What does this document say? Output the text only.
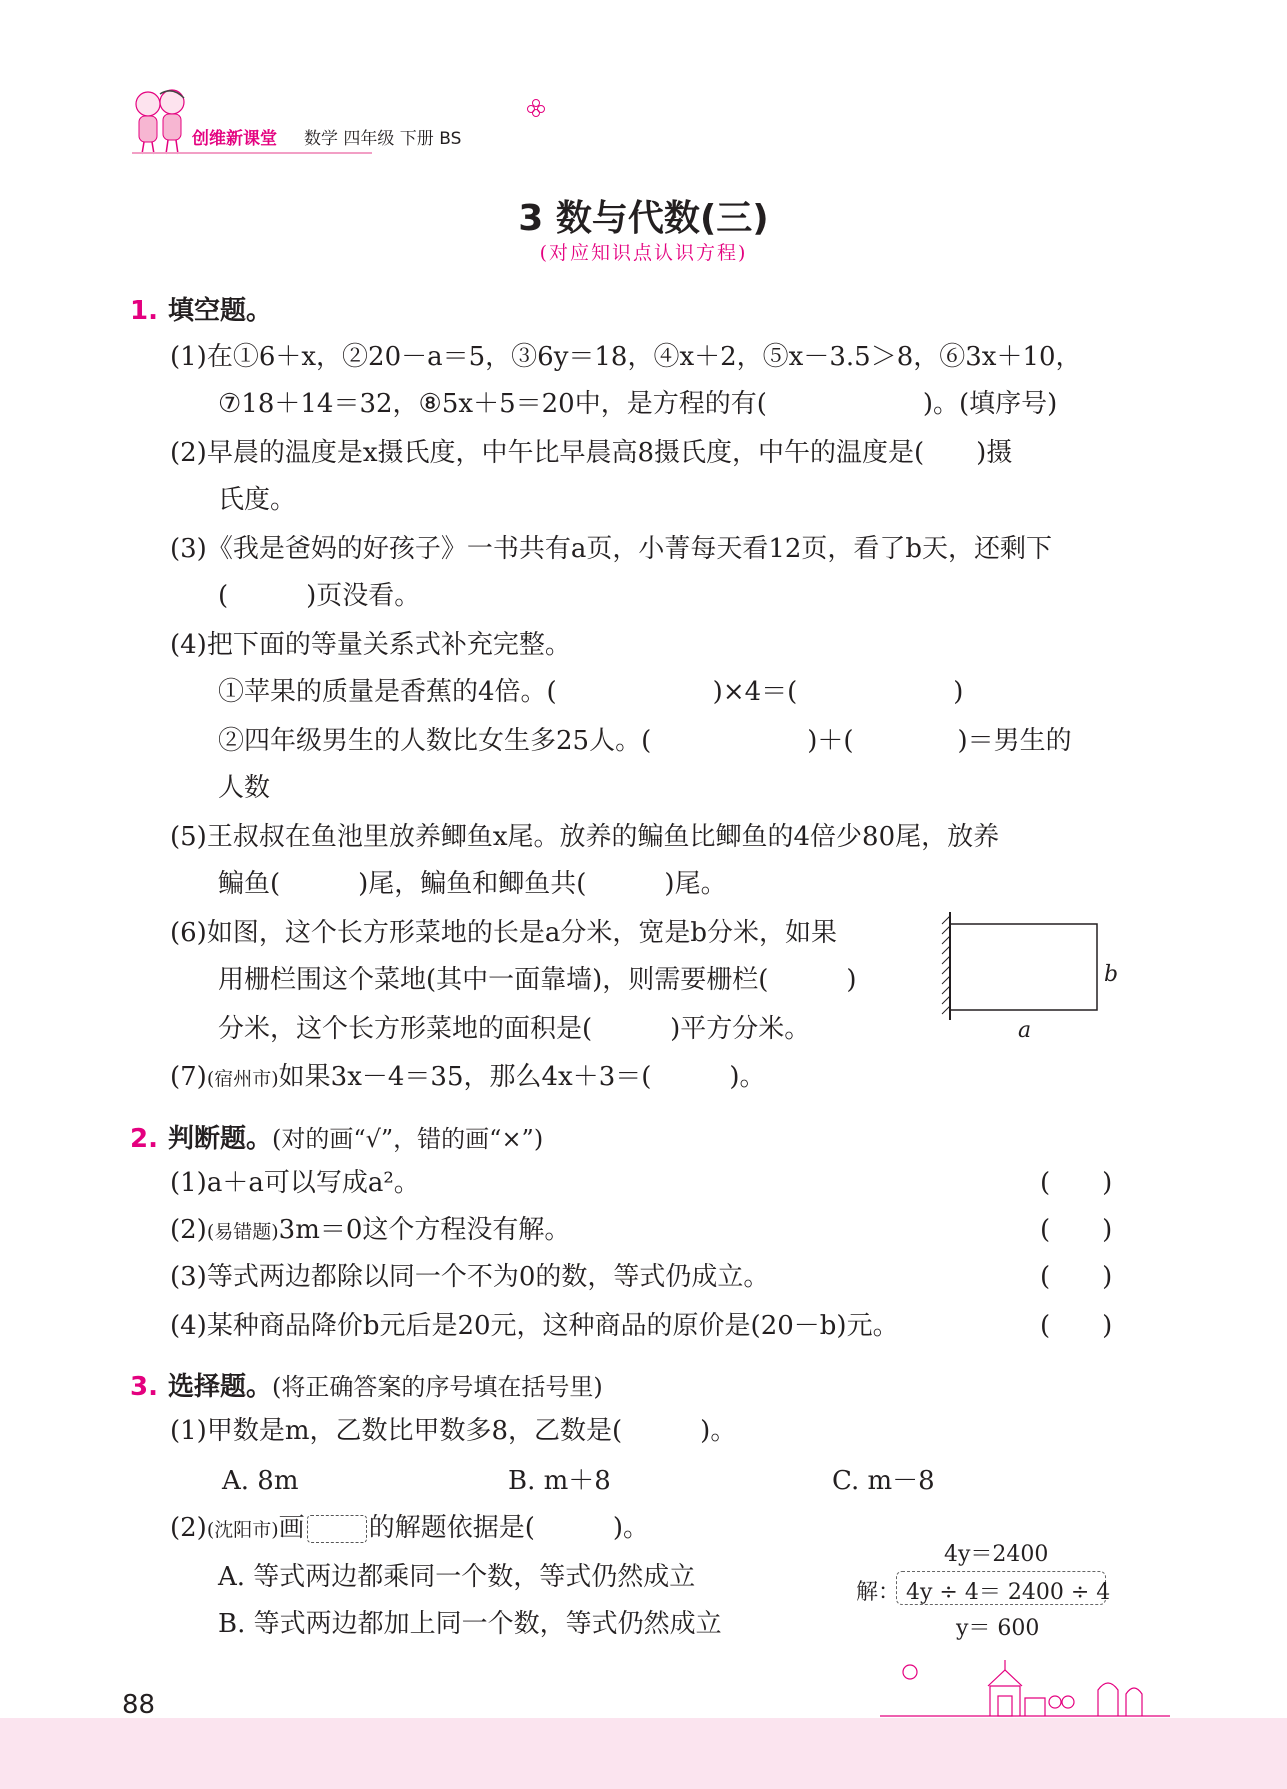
创维新课堂 数学 四年级 下册 BS
3 数与代数(三)
(对应知识点认识方程)
1. 填空题。
(1)在①6＋x，②20－a＝5，③6y＝18，④x＋2，⑤x－3.5＞8，⑥3x＋10，
⑦18＋14＝32，⑧5x＋5＝20中，是方程的有(　　　　　　)。(填序号)
(2)早晨的温度是x摄氏度，中午比早晨高8摄氏度，中午的温度是(　　)摄
氏度。
(3)《我是爸妈的好孩子》一书共有a页，小菁每天看12页，看了b天，还剩下
(　　　)页没看。
(4)把下面的等量关系式补充完整。
①苹果的质量是香蕉的4倍。(　　　　　　)×4＝(　　　　　　)
②四年级男生的人数比女生多25人。(　　　　　　)＋(　　　　)＝男生的
人数
(5)王叔叔在鱼池里放养鲫鱼x尾。放养的鳊鱼比鲫鱼的4倍少80尾，放养
鳊鱼(　　　)尾，鳊鱼和鲫鱼共(　　　)尾。
(6)如图，这个长方形菜地的长是a分米，宽是b分米，如果
用栅栏围这个菜地(其中一面靠墙)，则需要栅栏(　　　)
分米，这个长方形菜地的面积是(　　　)平方分米。
b
a
(7)(宿州市)如果3x－4＝35，那么4x＋3＝(　　　)。
2. 判断题。(对的画“√”，错的画“×”)
(1)a＋a可以写成a²。	(　　)
(2)(易错题)3m＝0这个方程没有解。	(　　)
(3)等式两边都除以同一个不为0的数，等式仍成立。	(　　)
(4)某种商品降价b元后是20元，这种商品的原价是(20－b)元。	(　　)
3. 选择题。(将正确答案的序号填在括号里)
(1)甲数是m，乙数比甲数多8，乙数是(　　　)。
A. 8m	B. m＋8	C. m－8
(2)(沈阳市)画 的解题依据是(　　　)。
A. 等式两边都乘同一个数，等式仍然成立
B. 等式两边都加上同一个数，等式仍然成立
4y＝2400
解： 4y ÷ 4＝ 2400 ÷ 4
y＝ 600
88
